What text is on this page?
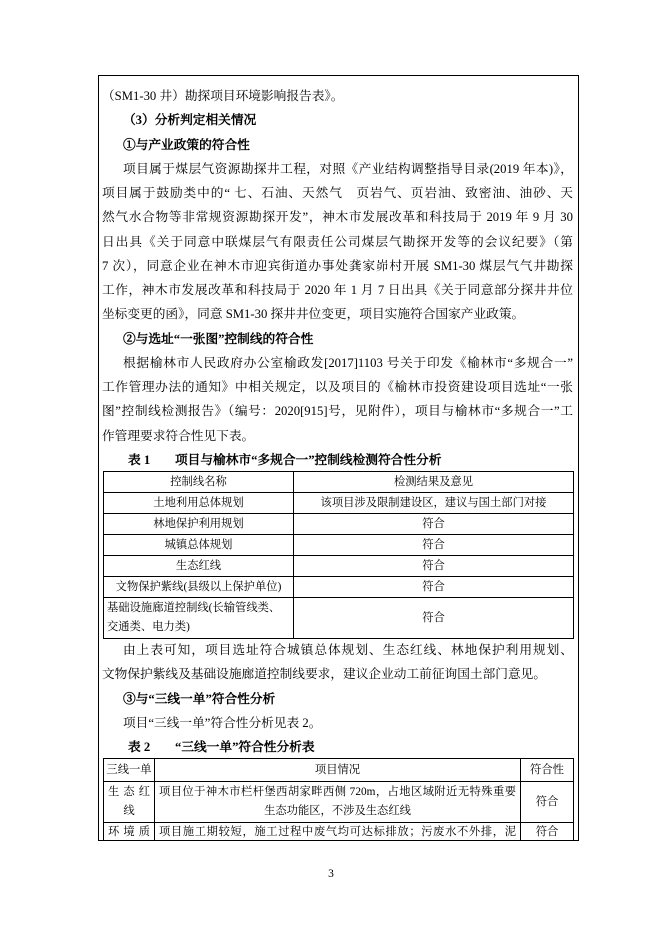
（SM1-30 井）勘探项目环境影响报告表》。
（3）分析判定相关情况
①与产业政策的符合性
项目属于煤层气资源勘探井工程，对照《产业结构调整指导目录(2019 年本)》，
项目属于鼓励类中的“ 七、石油、天然气　页岩气、页岩油、致密油、油砂、天
然气水合物等非常规资源勘探开发”，神木市发展改革和科技局于 2019 年 9 月 30
日出具《关于同意中联煤层气有限责任公司煤层气勘探开发等的会议纪要》（第
7 次），同意企业在神木市迎宾街道办事处龚家峁村开展 SM1-30 煤层气气井勘探
工作，神木市发展改革和科技局于 2020 年 1 月 7 日出具《关于同意部分探井井位
坐标变更的函》，同意 SM1-30 探井井位变更，项目实施符合国家产业政策。
②与选址“一张图”控制线的符合性
根据榆林市人民政府办公室榆政发[2017]1103 号关于印发《榆林市“多规合一”
工作管理办法的通知》中相关规定，以及项目的《榆林市投资建设项目选址“一张
图”控制线检测报告》（编号：2020[915]号，见附件），项目与榆林市“多规合一”工
作管理要求符合性见下表。
表 1 项目与榆林市“多规合一”控制线检测符合性分析
控制线名称	检测结果及意见
土地利用总体规划	该项目涉及限制建设区，建议与国土部门对接
林地保护利用规划	符合
城镇总体规划	符合
生态红线	符合
文物保护紫线(县级以上保护单位)	符合

基础设施廊道控制线(长输管线类、
交通类、电力类)	符合
由上表可知，项目选址符合城镇总体规划、生态红线、林地保护利用规划、
文物保护紫线及基础设施廊道控制线要求，建议企业动工前征询国土部门意见。
③与“三线一单”符合性分析
项目“三线一单”符合性分析见表 2。
表 2 “三线一单”符合性分析表
三线一单	项目情况	符合性

生态红
线	项目位于神木市栏杆堡西胡家畔西侧 720m，占地区域附近无特殊重要
生态功能区，不涉及生态红线	符合

环境质	项目施工期较短，施工过程中废气均可达标排放；污废水不外排，泥	符合
3
